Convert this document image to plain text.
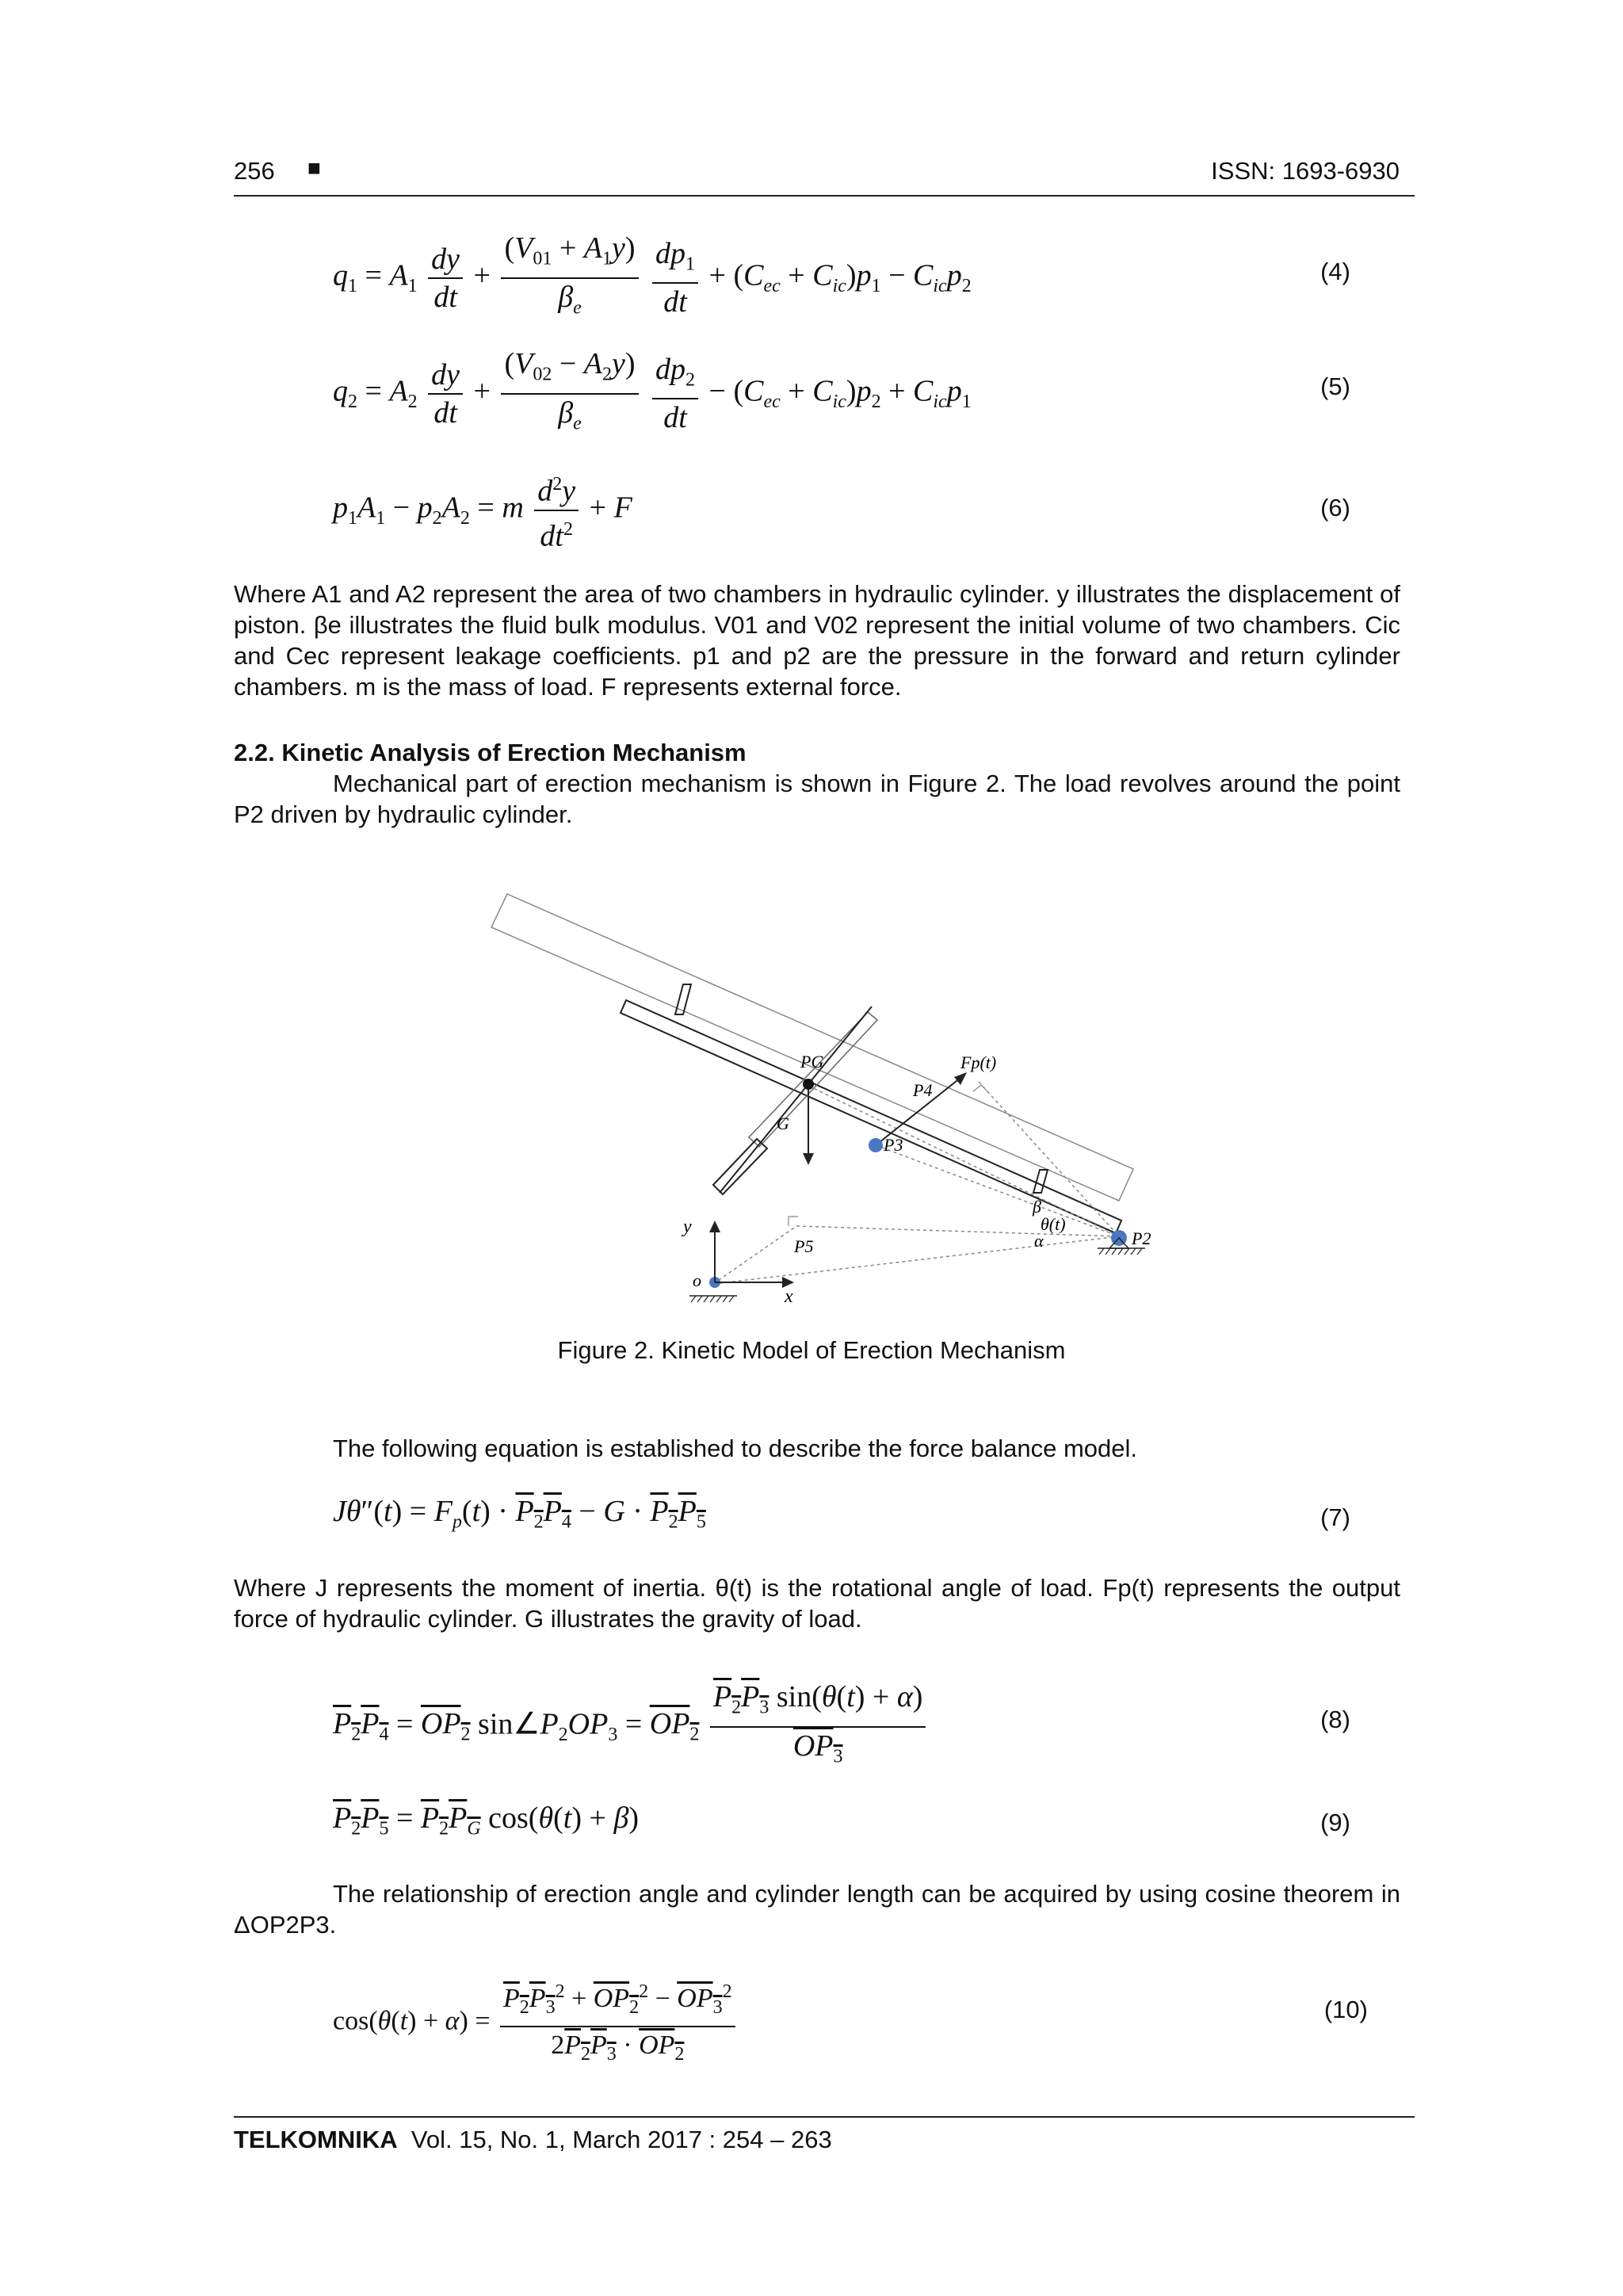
256 ■	ISSN: 1693-6930
$q_1 = A_1 \frac{dy}{dt} + \frac{(V_{01} + A_1y)}{\beta_e}$
$\frac{dp_1}{dt} + (C_{ec} + C_{ic})p_1 - C_{ic}p_2$
(4)
$q_2 = A_2 \frac{dy}{dt} + \frac{(V_{02} - A_2y)}{\beta_e}$
$\frac{dp_2}{dt} - (C_{ec} + C_{ic})p_2 + C_{ic}p_1$
(5)
$p_1A_1 - p_2A_2 = m \frac{d^2y}{dt^2} + F$	(6)
Where A1 and A2 represent the area of two chambers in hydraulic cylinder. y illustrates the displacement of piston. βe illustrates the fluid bulk modulus. V01 and V02 represent the initial volume of two chambers. Cic and Cec represent leakage coefficients. p1 and p2 are the pressure in the forward and return cylinder chambers. m is the mass of load. F represents external force.
2.2. Kinetic Analysis of Erection Mechanism
Mechanical part of erection mechanism is shown in Figure 2. The load revolves around the point P2 driven by hydraulic cylinder.
PG	Fp(t)
P4
G
P3
β
θ(t)
α	P2
y
P5
o
x
Figure 2. Kinetic Model of Erection Mechanism
The following equation is established to describe the force balance model.
$J\theta''(t) = F_p(t) \cdot P_2P_4 - G \cdot P_2P_5$	(7)
Where J represents the moment of inertia. θ(t) is the rotational angle of load. Fp(t) represents the output force of hydraulic cylinder. G illustrates the gravity of load.
$P_2P_4 = OP_2$ $\sin\angle P_2OP_3 = OP_2 \frac{P_2P_3 \sin(\theta(t) + \alpha)}{OP_3}$	(8)
$P_2P_5 = P_2P_G$ cos(θ(t) + β)	(9)
The relationship of erection angle and cylinder length can be acquired by using cosine theorem in ΔOP2P3.
$\cos(\theta(t) + \alpha) = \frac{P_2P_3^2 + OP_2^2 - OP_3^2}{2P_2P_3 \cdot OP_2}$	(10)
TELKOMNIKA Vol. 15, No. 1, March 2017 : 254 – 263
